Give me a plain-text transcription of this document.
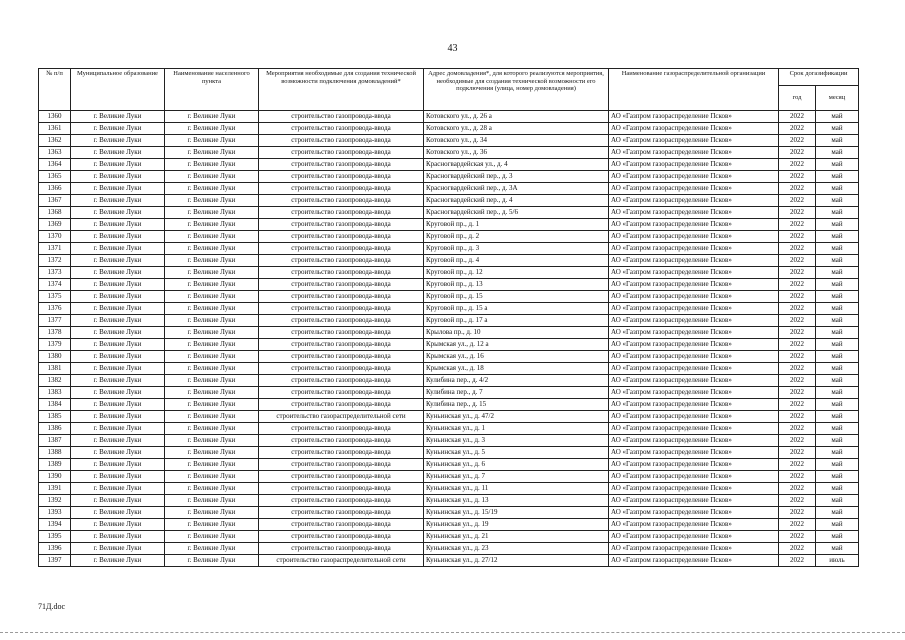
43
№ п/п	Муниципальное образование	Наименование населенного пункта	Мероприятия необходимые для создания технической возможности подключения домовладений*	Адрес домовладения*, для которого реализуются мероприятия, необходимые для создания технической возможности его подключения (улица, номер домовладения)	Наименование газораспределительной организации	Срок догазификации	
						год	месяц
1360	г. Великие Луки	г. Великие Луки	строительство газопровода-ввода	Котовского ул., д. 26 а	АО «Газпром газораспределение Псков»	2022	май
1361	г. Великие Луки	г. Великие Луки	строительство газопровода-ввода	Котовского ул., д. 28 а	АО «Газпром газораспределение Псков»	2022	май
1362	г. Великие Луки	г. Великие Луки	строительство газопровода-ввода	Котовского ул., д. 34	АО «Газпром газораспределение Псков»	2022	май
1363	г. Великие Луки	г. Великие Луки	строительство газопровода-ввода	Котовского ул., д. 36	АО «Газпром газораспределение Псков»	2022	май
1364	г. Великие Луки	г. Великие Луки	строительство газопровода-ввода	Красногвардейская ул., д. 4	АО «Газпром газораспределение Псков»	2022	май
1365	г. Великие Луки	г. Великие Луки	строительство газопровода-ввода	Красногвардейский пер., д. 3	АО «Газпром газораспределение Псков»	2022	май
1366	г. Великие Луки	г. Великие Луки	строительство газопровода-ввода	Красногвардейский пер., д. 3А	АО «Газпром газораспределение Псков»	2022	май
1367	г. Великие Луки	г. Великие Луки	строительство газопровода-ввода	Красногвардейский пер., д. 4	АО «Газпром газораспределение Псков»	2022	май
1368	г. Великие Луки	г. Великие Луки	строительство газопровода-ввода	Красногвардейский пер., д. 5/6	АО «Газпром газораспределение Псков»	2022	май
1369	г. Великие Луки	г. Великие Луки	строительство газопровода-ввода	Круговой пр., д. 1	АО «Газпром газораспределение Псков»	2022	май
1370	г. Великие Луки	г. Великие Луки	строительство газопровода-ввода	Круговой пр., д. 2	АО «Газпром газораспределение Псков»	2022	май
1371	г. Великие Луки	г. Великие Луки	строительство газопровода-ввода	Круговой пр., д. 3	АО «Газпром газораспределение Псков»	2022	май
1372	г. Великие Луки	г. Великие Луки	строительство газопровода-ввода	Круговой пр., д. 4	АО «Газпром газораспределение Псков»	2022	май
1373	г. Великие Луки	г. Великие Луки	строительство газопровода-ввода	Круговой пр., д. 12	АО «Газпром газораспределение Псков»	2022	май
1374	г. Великие Луки	г. Великие Луки	строительство газопровода-ввода	Круговой пр., д. 13	АО «Газпром газораспределение Псков»	2022	май
1375	г. Великие Луки	г. Великие Луки	строительство газопровода-ввода	Круговой пр., д. 15	АО «Газпром газораспределение Псков»	2022	май
1376	г. Великие Луки	г. Великие Луки	строительство газопровода-ввода	Круговой пр., д. 15 а	АО «Газпром газораспределение Псков»	2022	май
1377	г. Великие Луки	г. Великие Луки	строительство газопровода-ввода	Круговой пр., д. 17 а	АО «Газпром газораспределение Псков»	2022	май
1378	г. Великие Луки	г. Великие Луки	строительство газопровода-ввода	Крылова пр., д. 10	АО «Газпром газораспределение Псков»	2022	май
1379	г. Великие Луки	г. Великие Луки	строительство газопровода-ввода	Крымская ул., д. 12 а	АО «Газпром газораспределение Псков»	2022	май
1380	г. Великие Луки	г. Великие Луки	строительство газопровода-ввода	Крымская ул., д. 16	АО «Газпром газораспределение Псков»	2022	май
1381	г. Великие Луки	г. Великие Луки	строительство газопровода-ввода	Крымская ул., д. 18	АО «Газпром газораспределение Псков»	2022	май
1382	г. Великие Луки	г. Великие Луки	строительство газопровода-ввода	Кулибина пер., д. 4/2	АО «Газпром газораспределение Псков»	2022	май
1383	г. Великие Луки	г. Великие Луки	строительство газопровода-ввода	Кулибина пер., д. 7	АО «Газпром газораспределение Псков»	2022	май
1384	г. Великие Луки	г. Великие Луки	строительство газопровода-ввода	Кулибина пер., д. 15	АО «Газпром газораспределение Псков»	2022	май
1385	г. Великие Луки	г. Великие Луки	строительство газораспределительной сети	Куньинская ул., д. 47/2	АО «Газпром газораспределение Псков»	2022	май
1386	г. Великие Луки	г. Великие Луки	строительство газопровода-ввода	Куньинская ул., д. 1	АО «Газпром газораспределение Псков»	2022	май
1387	г. Великие Луки	г. Великие Луки	строительство газопровода-ввода	Куньинская ул., д. 3	АО «Газпром газораспределение Псков»	2022	май
1388	г. Великие Луки	г. Великие Луки	строительство газопровода-ввода	Куньинская ул., д. 5	АО «Газпром газораспределение Псков»	2022	май
1389	г. Великие Луки	г. Великие Луки	строительство газопровода-ввода	Куньинская ул., д. 6	АО «Газпром газораспределение Псков»	2022	май
1390	г. Великие Луки	г. Великие Луки	строительство газопровода-ввода	Куньинская ул., д. 7	АО «Газпром газораспределение Псков»	2022	май
1391	г. Великие Луки	г. Великие Луки	строительство газопровода-ввода	Куньинская ул., д. 11	АО «Газпром газораспределение Псков»	2022	май
1392	г. Великие Луки	г. Великие Луки	строительство газопровода-ввода	Куньинская ул., д. 13	АО «Газпром газораспределение Псков»	2022	май
1393	г. Великие Луки	г. Великие Луки	строительство газопровода-ввода	Куньинская ул., д. 15/19	АО «Газпром газораспределение Псков»	2022	май
1394	г. Великие Луки	г. Великие Луки	строительство газопровода-ввода	Куньинская ул., д. 19	АО «Газпром газораспределение Псков»	2022	май
1395	г. Великие Луки	г. Великие Луки	строительство газопровода-ввода	Куньинская ул., д. 21	АО «Газпром газораспределение Псков»	2022	май
1396	г. Великие Луки	г. Великие Луки	строительство газопровода-ввода	Куньинская ул., д. 23	АО «Газпром газораспределение Псков»	2022	май
1397	г. Великие Луки	г. Великие Луки	строительство газораспределительной сети	Куньинская ул., д. 27/12	АО «Газпром газораспределение Псков»	2022	июль
71Д.doc
